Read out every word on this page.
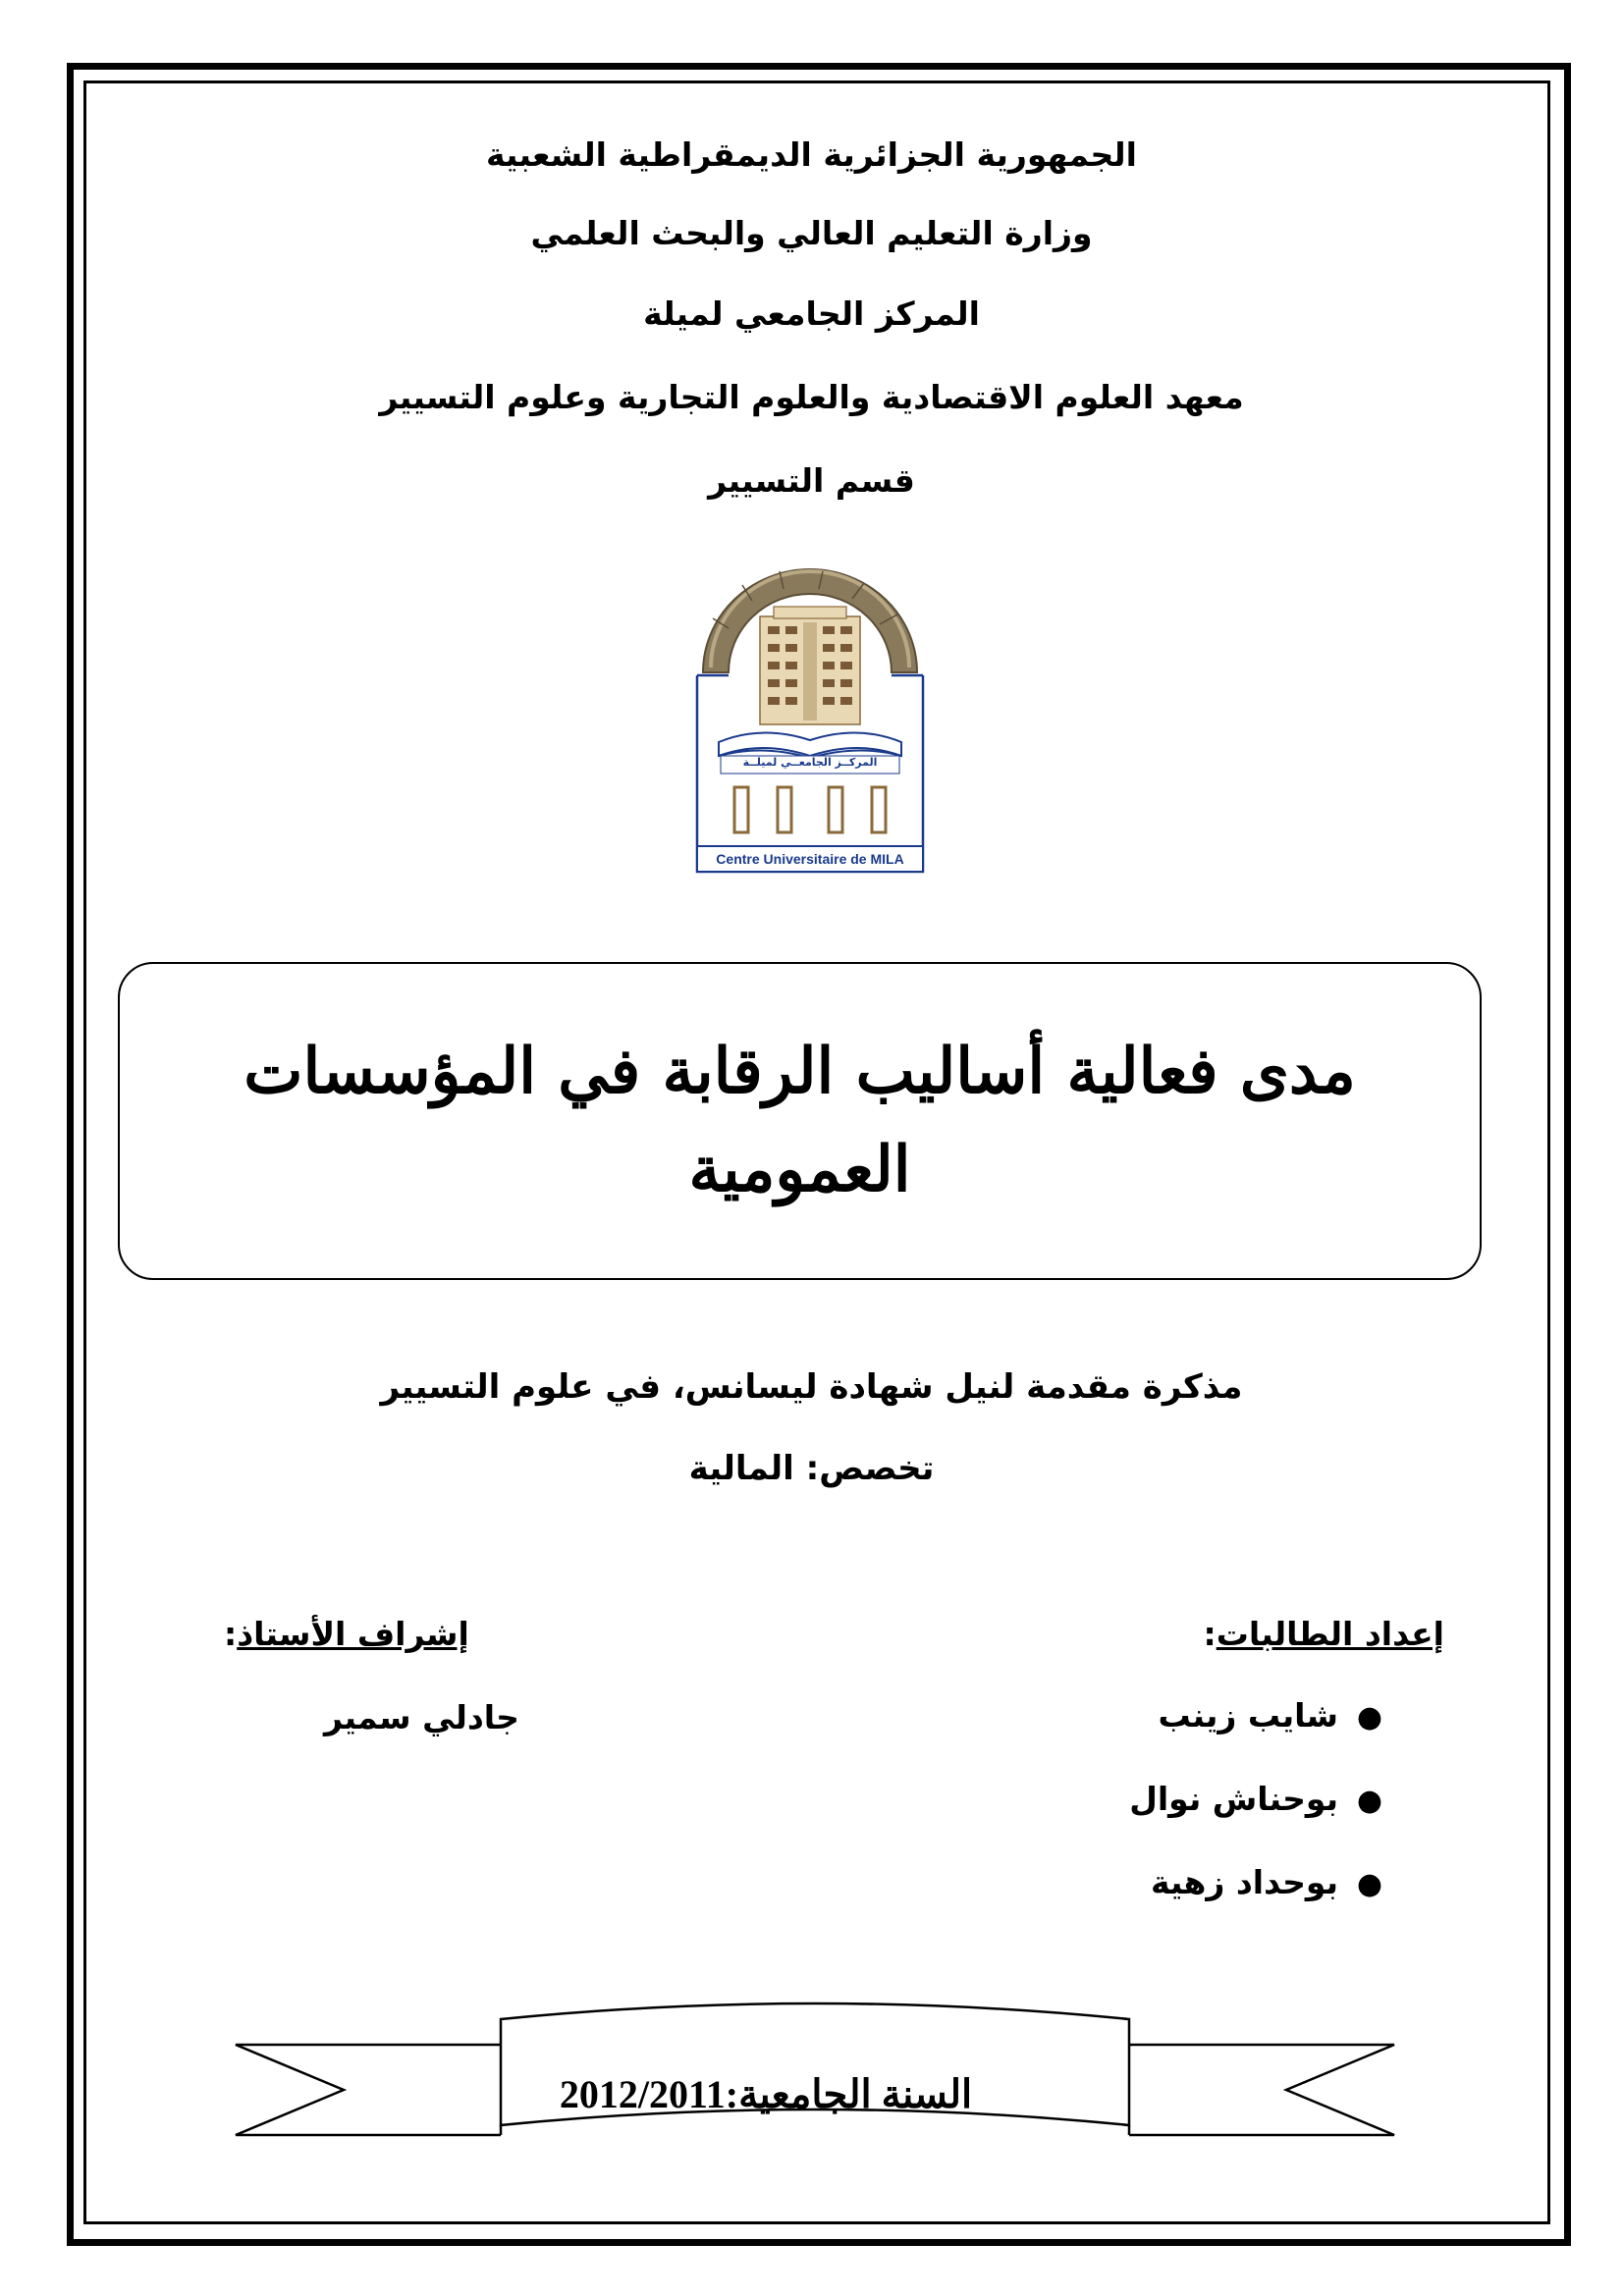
الجمهورية الجزائرية الديمقراطية الشعبية
وزارة التعليم العالي والبحث العلمي
المركز الجامعي لميلة
معهد العلوم الاقتصادية والعلوم التجارية وعلوم التسيير
قسم التسيير
المركــز الجامعــي لميلــة
Centre Universitaire de MILA
مدى فعالية أساليب الرقابة في المؤسسات
العمومية
مذكرة مقدمة لنيل شهادة ليسانس، في علوم التسيير
تخصص: المالية
إعداد الطالبات:
إشراف الأستاذ:
●
شايب زينب
●
بوحناش نوال
●
بوحداد زهية
جادلي سمير
السنة الجامعية:2012/2011
